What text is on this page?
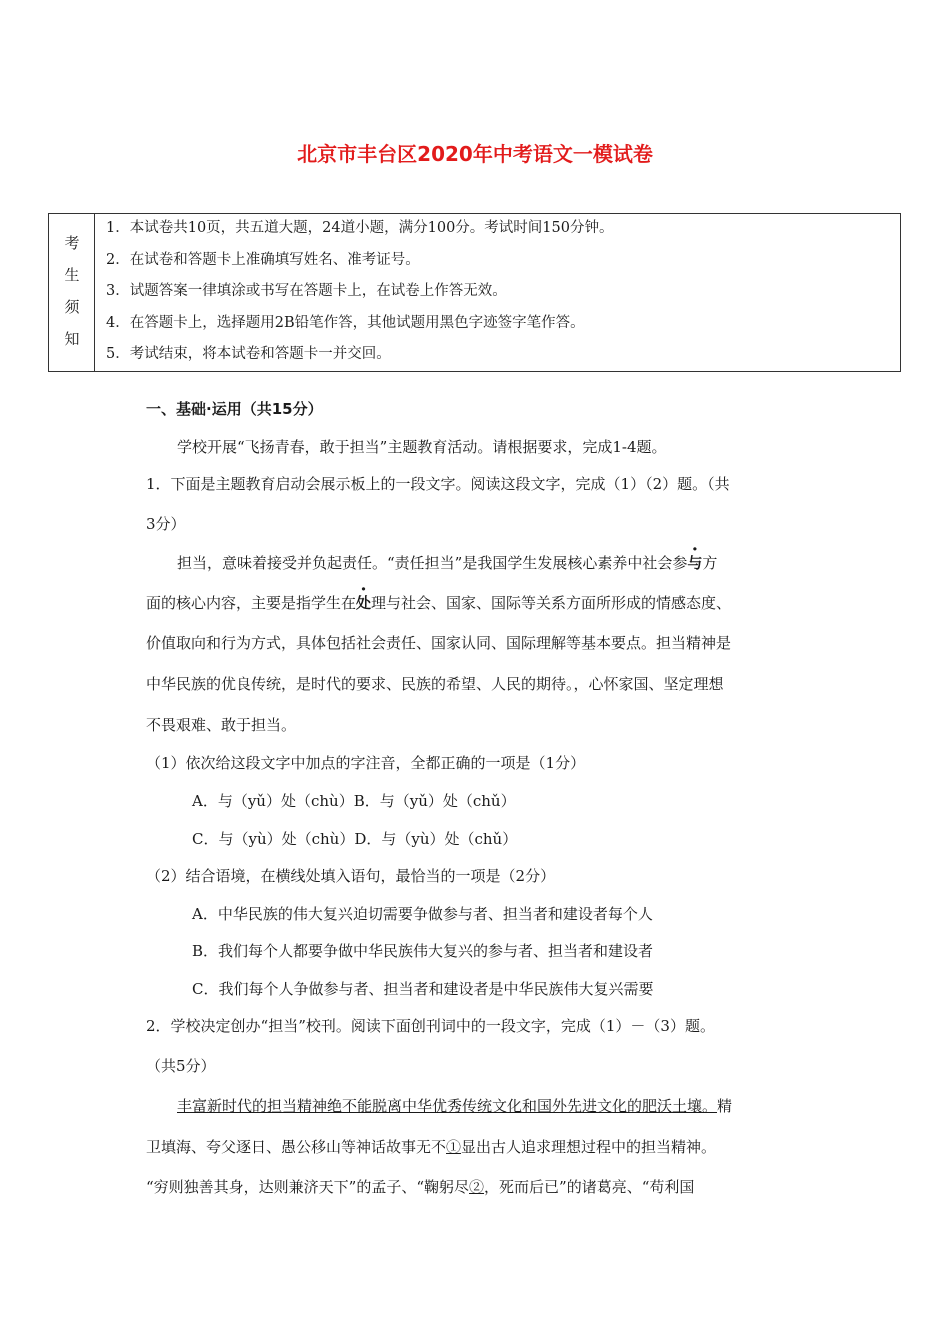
北京市丰台区2020年中考语文一模试卷
考
生
须
知
1．本试卷共10页，共五道大题，24道小题，满分100分。考试时间150分钟。
2．在试卷和答题卡上准确填写姓名、准考证号。
3．试题答案一律填涂或书写在答题卡上，在试卷上作答无效。
4．在答题卡上，选择题用2B铅笔作答，其他试题用黑色字迹签字笔作答。
5．考试结束，将本试卷和答题卡一并交回。
一、基础·运用（共15分）
学校开展“飞扬青春，敢于担当”主题教育活动。请根据要求，完成1-4题。
1．下面是主题教育启动会展示板上的一段文字。阅读这段文字，完成（1）（2）题。（共
3分）
担当，意味着接受并负起责任。“责任担当”是我国学生发展核心素养中社会参与方
面的核心内容，主要是指学生在处理与社会、国家、国际等关系方面所形成的情感态度、
价值取向和行为方式，具体包括社会责任、国家认同、国际理解等基本要点。担当精神是
中华民族的优良传统，是时代的要求、民族的希望、人民的期待。，心怀家国、坚定理想
不畏艰难、敢于担当。
（1）依次给这段文字中加点的字注音，全都正确的一项是（1分）
A．与（yǔ）处（chù）B．与（yǔ）处（chǔ）
C．与（yù）处（chù）D．与（yù）处（chǔ）
（2）结合语境，在横线处填入语句，最恰当的一项是（2分）
A．中华民族的伟大复兴迫切需要争做参与者、担当者和建设者每个人
B．我们每个人都要争做中华民族伟大复兴的参与者、担当者和建设者
C．我们每个人争做参与者、担当者和建设者是中华民族伟大复兴需要
2．学校决定创办“担当”校刊。阅读下面创刊词中的一段文字，完成（1）－（3）题。
（共5分）
丰富新时代的担当精神绝不能脱离中华优秀传统文化和国外先进文化的肥沃土壤。精
卫填海、夸父逐日、愚公移山等神话故事无不①显出古人追求理想过程中的担当精神。
“穷则独善其身，达则兼济天下”的孟子、“鞠躬尽②，死而后已”的诸葛亮、“苟利国
